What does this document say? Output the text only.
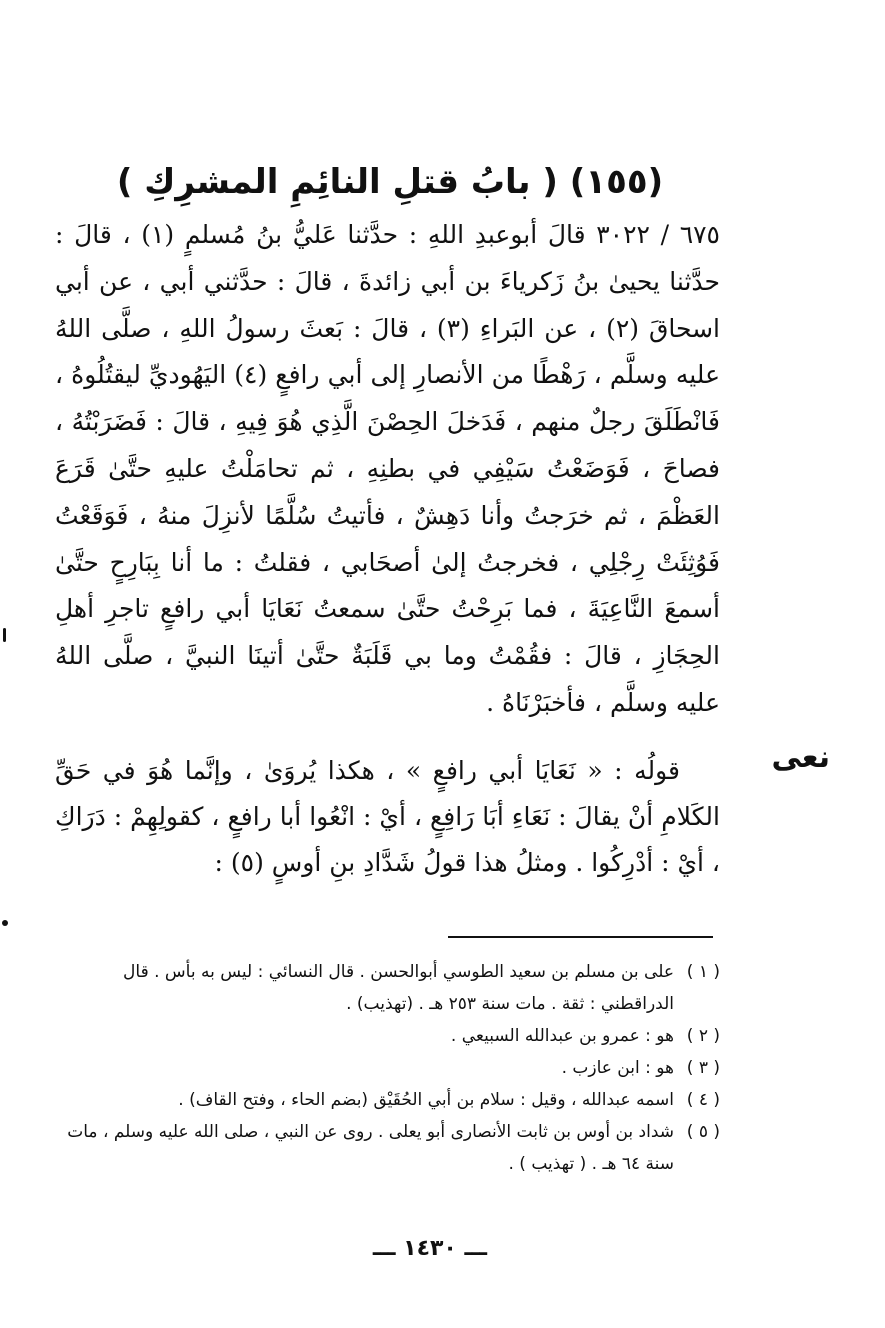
(١٥٥) ( بابُ قتلِ النائِمِ المشرِكِ )

٦٧٥ / ٣٠٢٢ قالَ أبوعبدِ اللهِ : حدَّثنا عَليُّ بنُ مُسلمٍ (١) ، قالَ : حدَّثنا يحيىٰ بنُ زَكرياءَ بن أبي زائدةَ ، قالَ : حدَّثني أبي ، عن أبي اسحاقَ (٢) ، عن البَراءِ (٣) ، قالَ : بَعثَ رسولُ اللهِ ، صلَّى اللهُ عليه وسلَّم ، رَهْطًا من الأنصارِ إلى أبي رافعٍ (٤) اليَهُوديِّ ليقتُلُوهُ ، فَانْطَلَقَ رجلٌ منهم ، فَدَخلَ الحِصْنَ الَّذِي هُوَ فِيهِ ، قالَ : فَضَرَبْتُهُ ، فصاحَ ، فَوَضَعْتُ سَيْفِي في بطنِهِ ، ثم تحامَلْتُ عليهِ حتَّىٰ قَرَعَ العَظْمَ ، ثم خرَجتُ وأنا دَهِشٌ ، فأتيتُ سُلَّمًا لأنزِلَ منهُ ، فَوَقَعْتُ فَوُثِئَتْ رِجْلِي ، فخرجتُ إلىٰ أصحَابي ، فقلتُ : ما أنا بِبَارِحٍ حتَّىٰ أسمعَ النَّاعِيَةَ ، فما بَرِحْتُ حتَّىٰ سمعتُ نَعَايَا أبي رافعٍ تاجرِ أهلِ الحِجَازِ ، قالَ : فقُمْتُ وما بي قَلَبَةٌ حتَّىٰ أتينَا النبيَّ ، صلَّى اللهُ عليه وسلَّم ، فأخبَرْنَاهُ .

نعى

قولُه : « نَعَايَا أبي رافعٍ » ، هكذا يُروَىٰ ، وإنَّما هُوَ في حَقِّ الكَلامِ أنْ يقالَ : نَعَاءِ أبَا رَافِعٍ ، أيْ : انْعُوا أبا رافعٍ ، كقولِهِمْ : دَرَاكِ ، أيْ : أدْرِكُوا . ومثلُ هذا قولُ شَدَّادِ بنِ أوسٍ (٥) :

( ١ )
على بن مسلم بن سعيد الطوسي أبوالحسن . قال النسائي : ليس به بأس . قال الدراقطني : ثقة . مات سنة ٢٥٣ هـ . (تهذيب) .
( ٢ )
هو : عمرو بن عبدالله السبيعي .
( ٣ )
هو : ابن عازب .
( ٤ )
اسمه عبدالله ، وقيل : سلام بن أبي الحُقَيْق (بضم الحاء ، وفتح القاف) .
( ٥ )
شداد بن أوس بن ثابت الأنصارى أبو يعلى . روى عن النبي ، صلى الله عليه وسلم ، مات سنة ٦٤ هـ . ( تهذيب ) .
ـــ ١٤٣٠ ـــ
